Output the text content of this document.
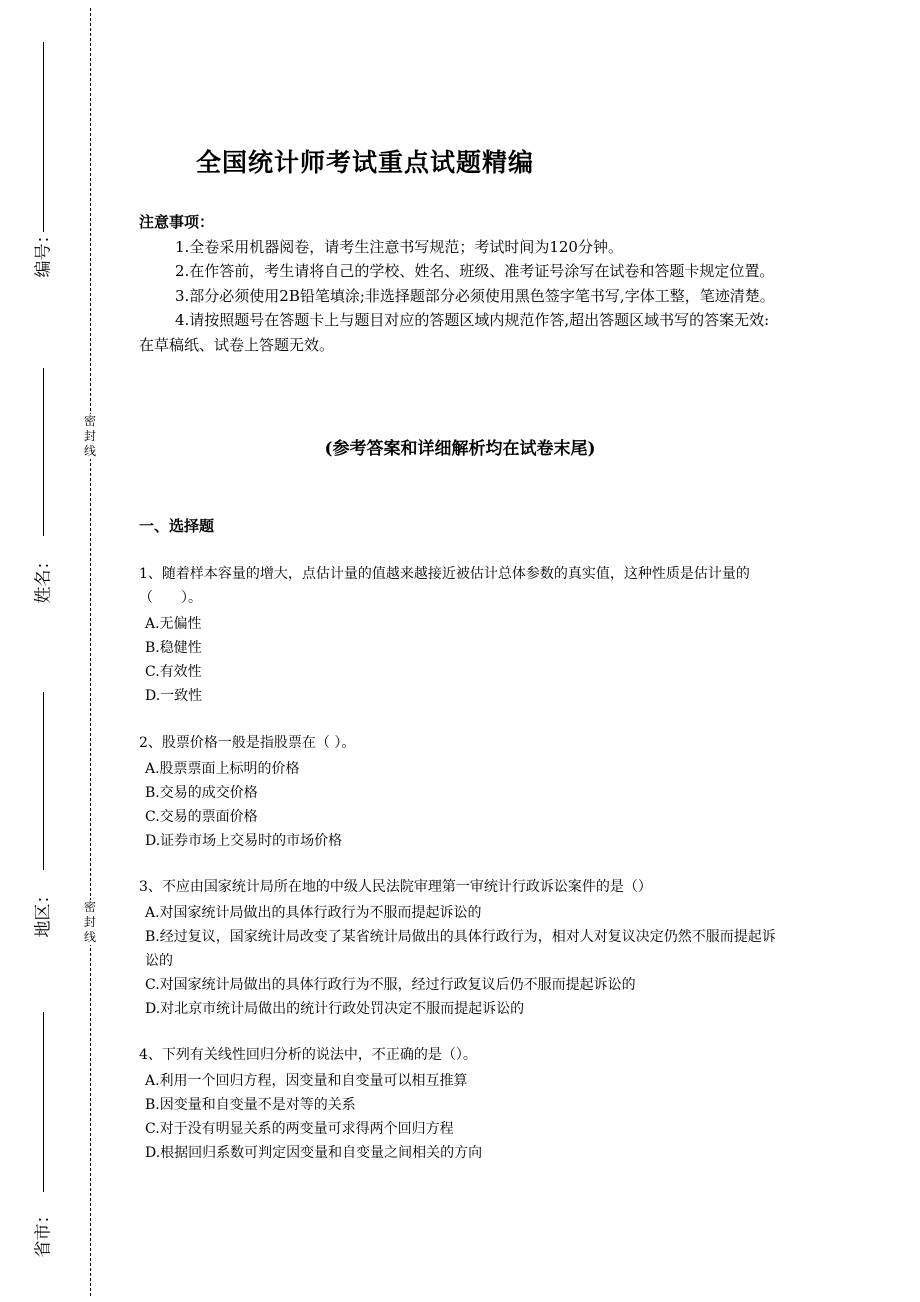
编号：
姓名：
地区：
省市：
密
封
线
密
封
线
全国统计师考试重点试题精编
注意事项：

1.全卷采用机器阅卷，请考生注意书写规范；考试时间为120分钟。

2.在作答前，考生请将自己的学校、姓名、班级、准考证号涂写在试卷和答题卡规定位置。

3.部分必须使用2B铅笔填涂;非选择题部分必须使用黑色签字笔书写,字体工整，笔迹清楚。

4.请按照题号在答题卡上与题目对应的答题区域内规范作答,超出答题区域书写的答案无效:在草稿纸、试卷上答题无效。

(参考答案和详细解析均在试卷末尾)
一、选择题

1、随着样本容量的增大，点估计量的值越来越接近被估计总体参数的真实值，这种性质是估计量的（　　）。

A.无偏性

B.稳健性

C.有效性

D.一致性

2、股票价格一般是指股票在（ ）。

A.股票票面上标明的价格

B.交易的成交价格

C.交易的票面价格

D.证券市场上交易时的市场价格

3、不应由国家统计局所在地的中级人民法院审理第一审统计行政诉讼案件的是（）

A.对国家统计局做出的具体行政行为不服而提起诉讼的

B.经过复议，国家统计局改变了某省统计局做出的具体行政行为，相对人对复议决定仍然不服而提起诉讼的

C.对国家统计局做出的具体行政行为不服，经过行政复议后仍不服而提起诉讼的

D.对北京市统计局做出的统计行政处罚决定不服而提起诉讼的

4、下列有关线性回归分析的说法中，不正确的是（）。

A.利用一个回归方程，因变量和自变量可以相互推算

B.因变量和自变量不是对等的关系

C.对于没有明显关系的两变量可求得两个回归方程

D.根据回归系数可判定因变量和自变量之间相关的方向
